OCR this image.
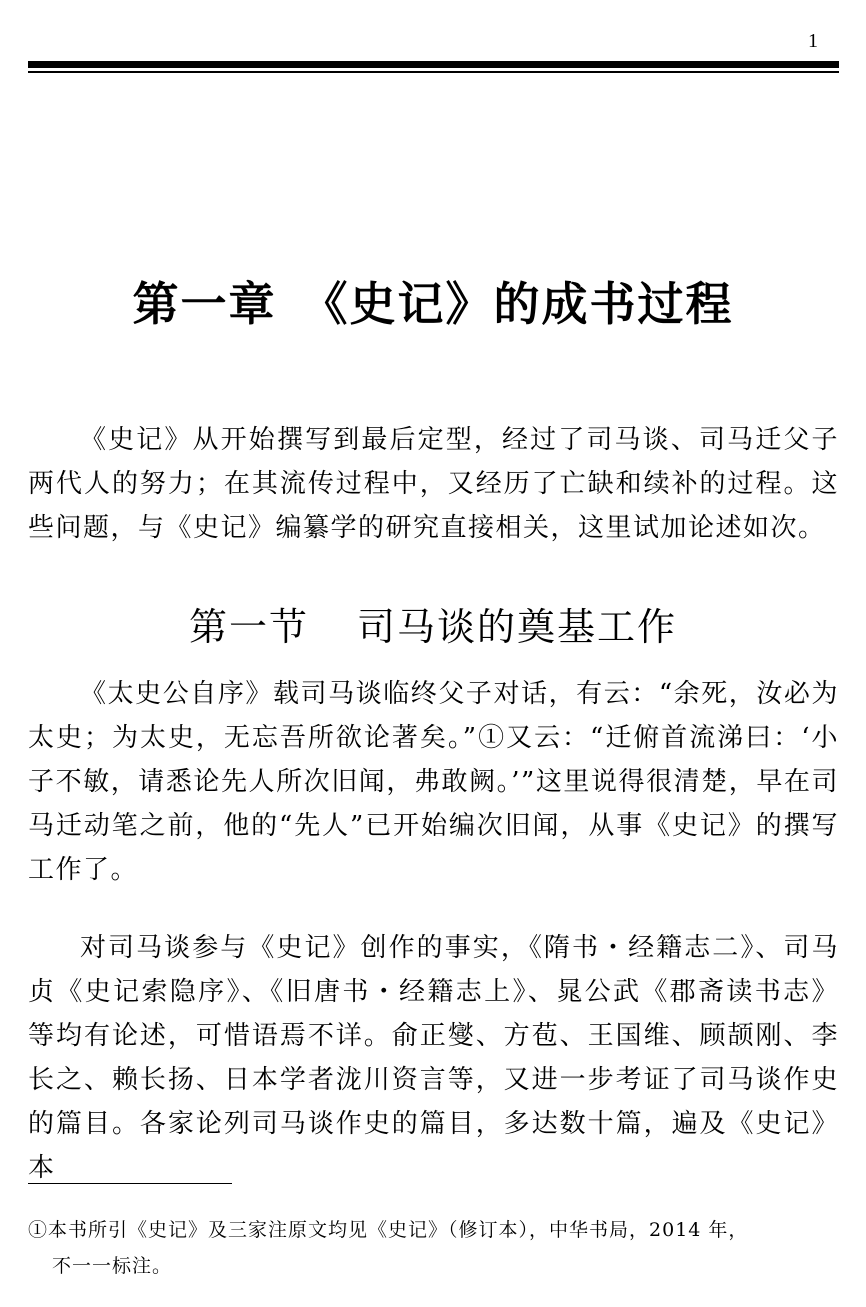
1
第一章　《史记》的成书过程

《史记》从开始撰写到最后定型，经过了司马谈、司马迁父子两代人的努力；在其流传过程中，又经历了亡缺和续补的过程。这些问题，与《史记》编纂学的研究直接相关，这里试加论述如次。

第一节 司马谈的奠基工作

《太史公自序》载司马谈临终父子对话，有云：“余死，汝必为太史；为太史，无忘吾所欲论著矣。”①又云：“迁俯首流涕曰：‘小子不敏，请悉论先人所次旧闻，弗敢阙。’”这里说得很清楚，早在司马迁动笔之前，他的“先人”已开始编次旧闻，从事《史记》的撰写工作了。

对司马谈参与《史记》创作的事实，《隋书・经籍志二》、司马贞《史记索隐序》、《旧唐书・经籍志上》、晁公武《郡斋读书志》等均有论述，可惜语焉不详。俞正燮、方苞、王国维、顾颉刚、李长之、赖长扬、日本学者泷川资言等，又进一步考证了司马谈作史的篇目。各家论列司马谈作史的篇目，多达数十篇，遍及《史记》本

①本书所引《史记》及三家注原文均见《史记》（修订本），中华书局，2014 年，
不一一标注。
